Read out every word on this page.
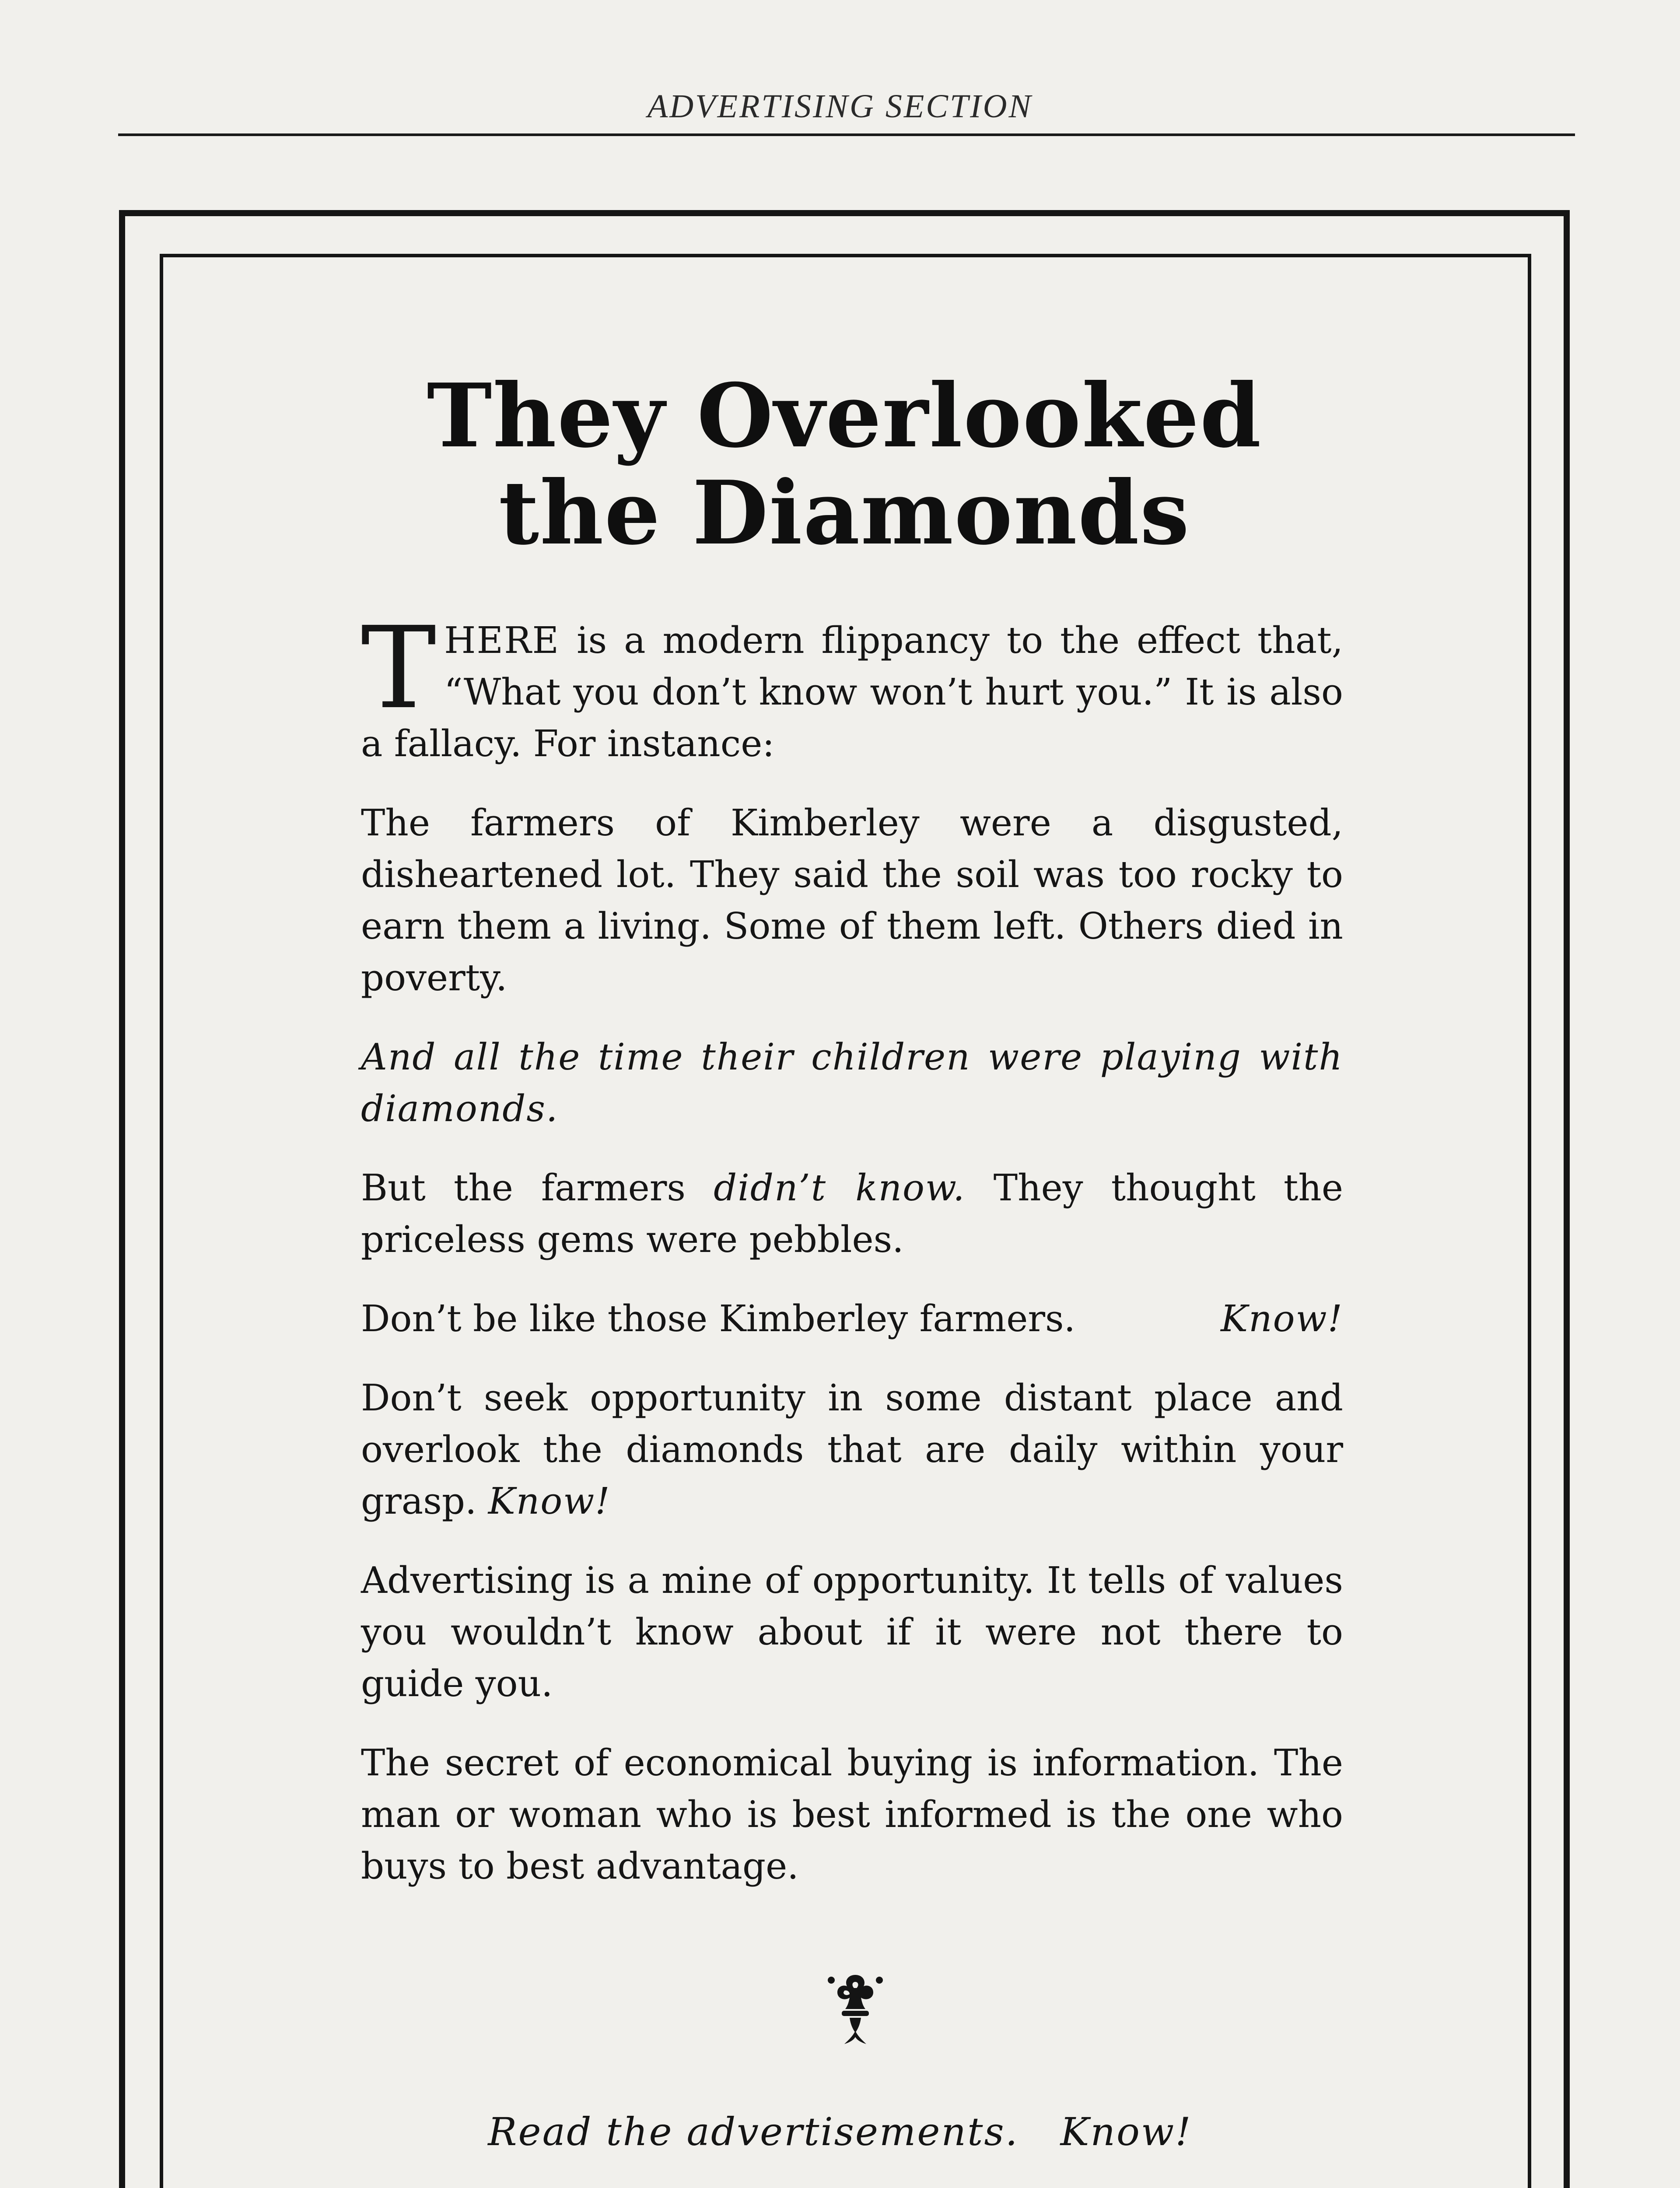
ADVERTISING SECTION
They Overlooked the Diamonds

THERE is a modern flippancy to the effect that, “What you don’t know won’t hurt you.” It is also a fallacy. For instance:

The farmers of Kimberley were a disgusted, disheartened lot. They said the soil was too rocky to earn them a living. Some of them left. Others died in poverty.

And all the time their children were playing with diamonds.

But the farmers didn’t know. They thought the priceless gems were pebbles.

Don’t be like those Kimberley farmers.	Know!

Don’t seek opportunity in some distant place and overlook the diamonds that are daily within your grasp. Know!

Advertising is a mine of opportunity. It tells of values you wouldn’t know about if it were not there to guide you.

The secret of economical buying is information. The man or woman who is best informed is the one who buys to best advantage.

Read the advertisements. Know!
